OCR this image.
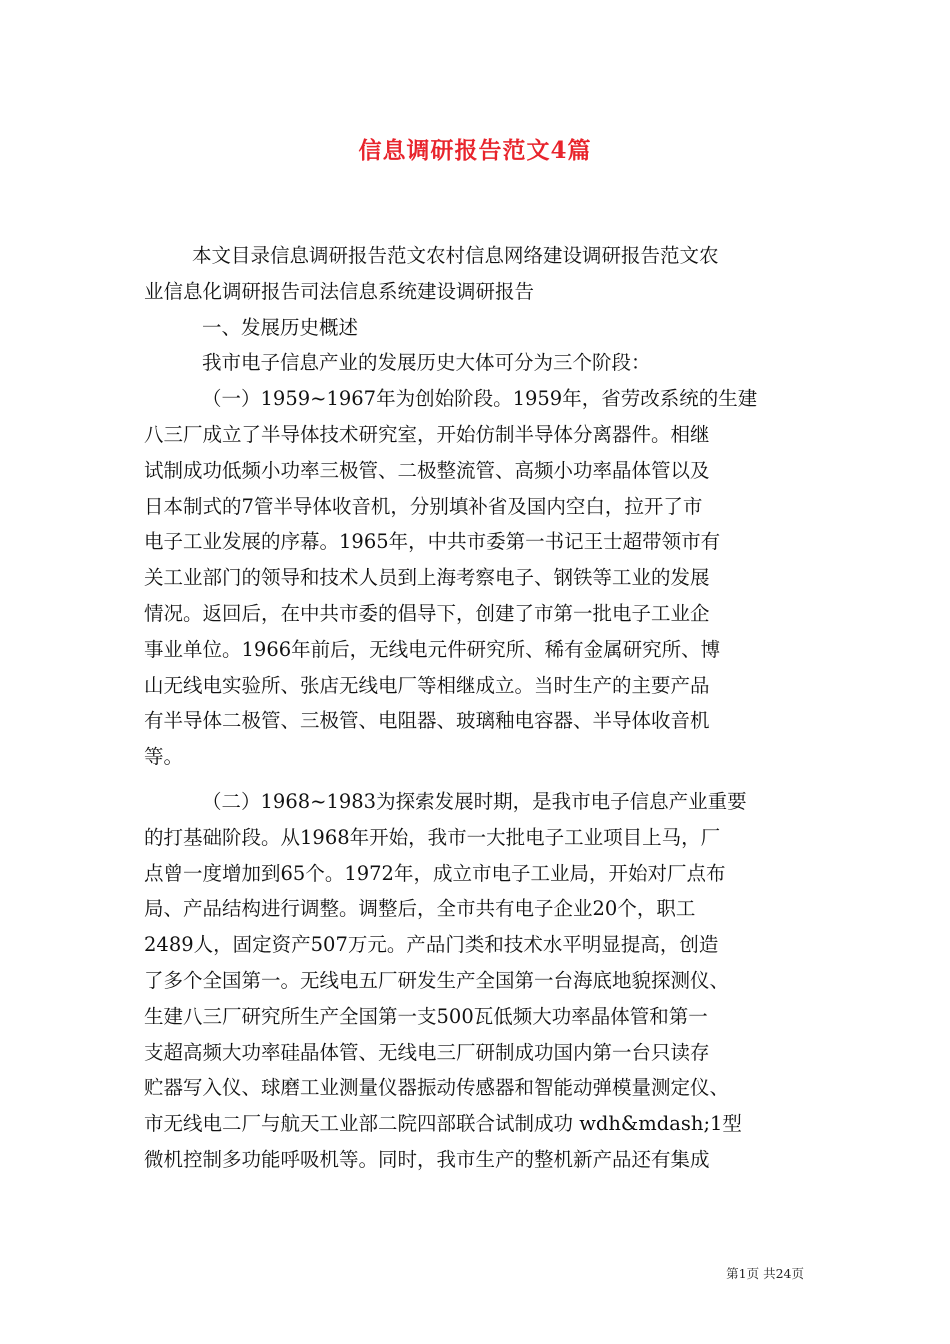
信息调研报告范文4篇
本文目录信息调研报告范文农村信息网络建设调研报告范文农
业信息化调研报告司法信息系统建设调研报告
一、发展历史概述
我市电子信息产业的发展历史大体可分为三个阶段：
（一）1959~1967年为创始阶段。1959年，省劳改系统的生建
八三厂成立了半导体技术研究室，开始仿制半导体分离器件。相继
试制成功低频小功率三极管、二极整流管、高频小功率晶体管以及
日本制式的7管半导体收音机，分别填补省及国内空白，拉开了市
电子工业发展的序幕。1965年，中共市委第一书记王士超带领市有
关工业部门的领导和技术人员到上海考察电子、钢铁等工业的发展
情况。返回后，在中共市委的倡导下，创建了市第一批电子工业企
事业单位。1966年前后，无线电元件研究所、稀有金属研究所、博
山无线电实验所、张店无线电厂等相继成立。当时生产的主要产品
有半导体二极管、三极管、电阻器、玻璃釉电容器、半导体收音机
等。
（二）1968~1983为探索发展时期，是我市电子信息产业重要
的打基础阶段。从1968年开始，我市一大批电子工业项目上马，厂
点曾一度增加到65个。1972年，成立市电子工业局，开始对厂点布
局、产品结构进行调整。调整后，全市共有电子企业20个，职工
2489人，固定资产507万元。产品门类和技术水平明显提高，创造
了多个全国第一。无线电五厂研发生产全国第一台海底地貌探测仪、
生建八三厂研究所生产全国第一支500瓦低频大功率晶体管和第一
支超高频大功率硅晶体管、无线电三厂研制成功国内第一台只读存
贮器写入仪、球磨工业测量仪器振动传感器和智能动弹模量测定仪、
市无线电二厂与航天工业部二院四部联合试制成功 wdh&mdash;1型
微机控制多功能呼吸机等。同时，我市生产的整机新产品还有集成
第1页 共24页
